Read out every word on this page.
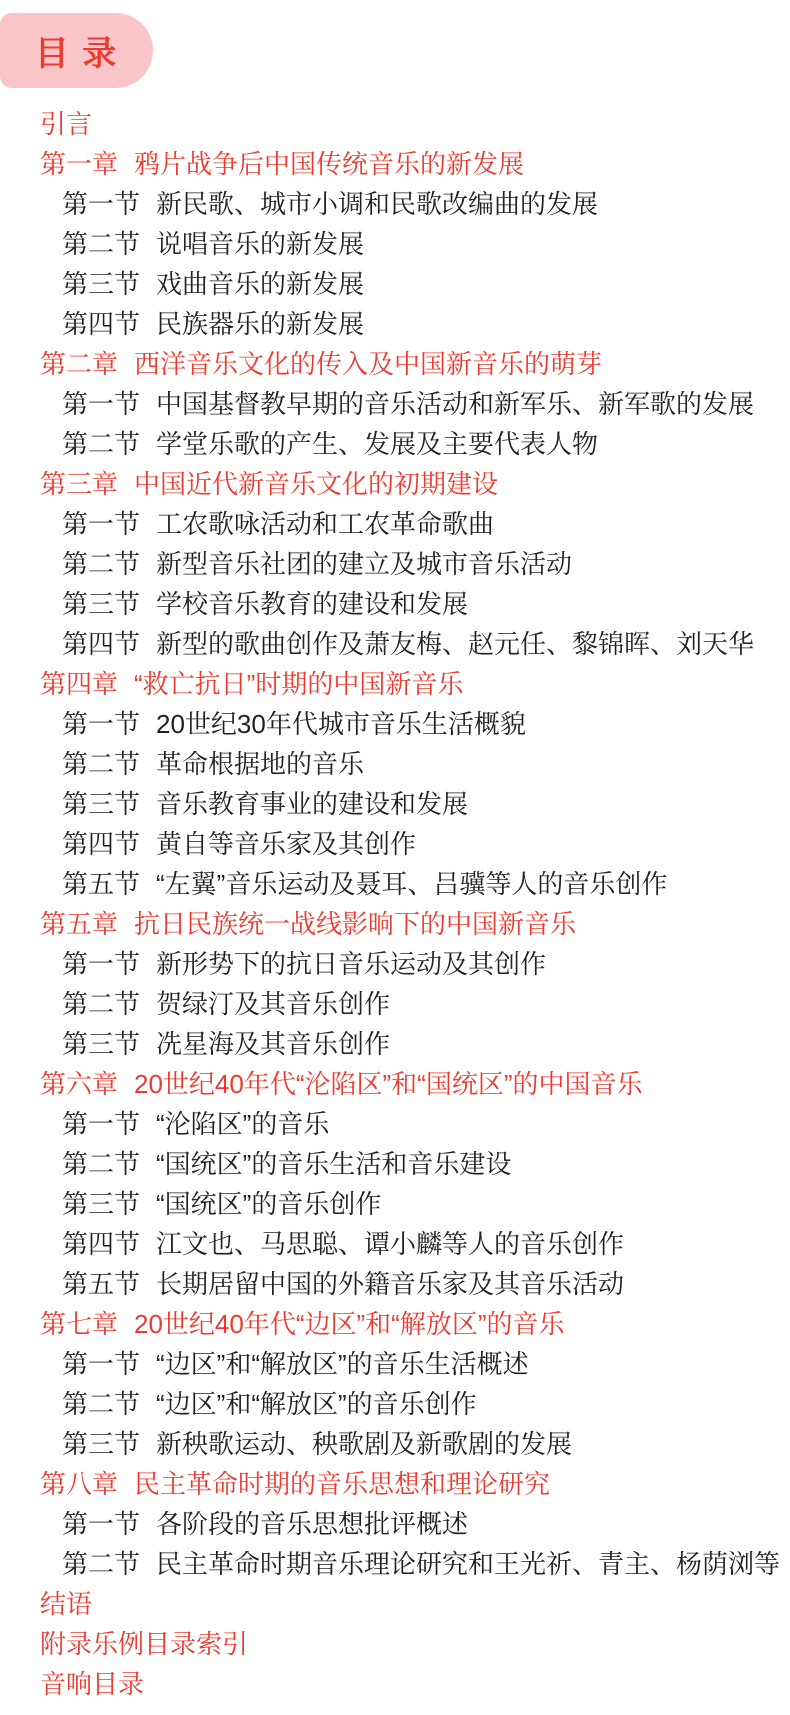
目 录
引言
第一章 鸦片战争后中国传统音乐的新发展
第一节 新民歌、城市小调和民歌改编曲的发展
第二节 说唱音乐的新发展
第三节 戏曲音乐的新发展
第四节 民族器乐的新发展
第二章 西洋音乐文化的传入及中国新音乐的萌芽
第一节 中国基督教早期的音乐活动和新军乐、新军歌的发展
第二节 学堂乐歌的产生、发展及主要代表人物
第三章 中国近代新音乐文化的初期建设
第一节 工农歌咏活动和工农革命歌曲
第二节 新型音乐社团的建立及城市音乐活动
第三节 学校音乐教育的建设和发展
第四节 新型的歌曲创作及萧友梅、赵元任、黎锦晖、刘天华
第四章 “救亡抗日”时期的中国新音乐
第一节 20世纪30年代城市音乐生活概貌
第二节 革命根据地的音乐
第三节 音乐教育事业的建设和发展
第四节 黄自等音乐家及其创作
第五节 “左翼”音乐运动及聂耳、吕骥等人的音乐创作
第五章 抗日民族统一战线影晌下的中国新音乐
第一节 新形势下的抗日音乐运动及其创作
第二节 贺绿汀及其音乐创作
第三节 冼星海及其音乐创作
第六章 20世纪40年代“沦陷区”和“国统区”的中国音乐
第一节 “沦陷区”的音乐
第二节 “国统区”的音乐生活和音乐建设
第三节 “国统区”的音乐创作
第四节 江文也、马思聪、谭小麟等人的音乐创作
第五节 长期居留中国的外籍音乐家及其音乐活动
第七章 20世纪40年代“边区”和“解放区”的音乐
第一节 “边区”和“解放区”的音乐生活概述
第二节 “边区”和“解放区”的音乐创作
第三节 新秧歌运动、秧歌剧及新歌剧的发展
第八章 民主革命时期的音乐思想和理论研究
第一节 各阶段的音乐思想批评概述
第二节 民主革命时期音乐理论研究和王光祈、青主、杨荫浏等
结语
附录乐例目录索引
音响目录
